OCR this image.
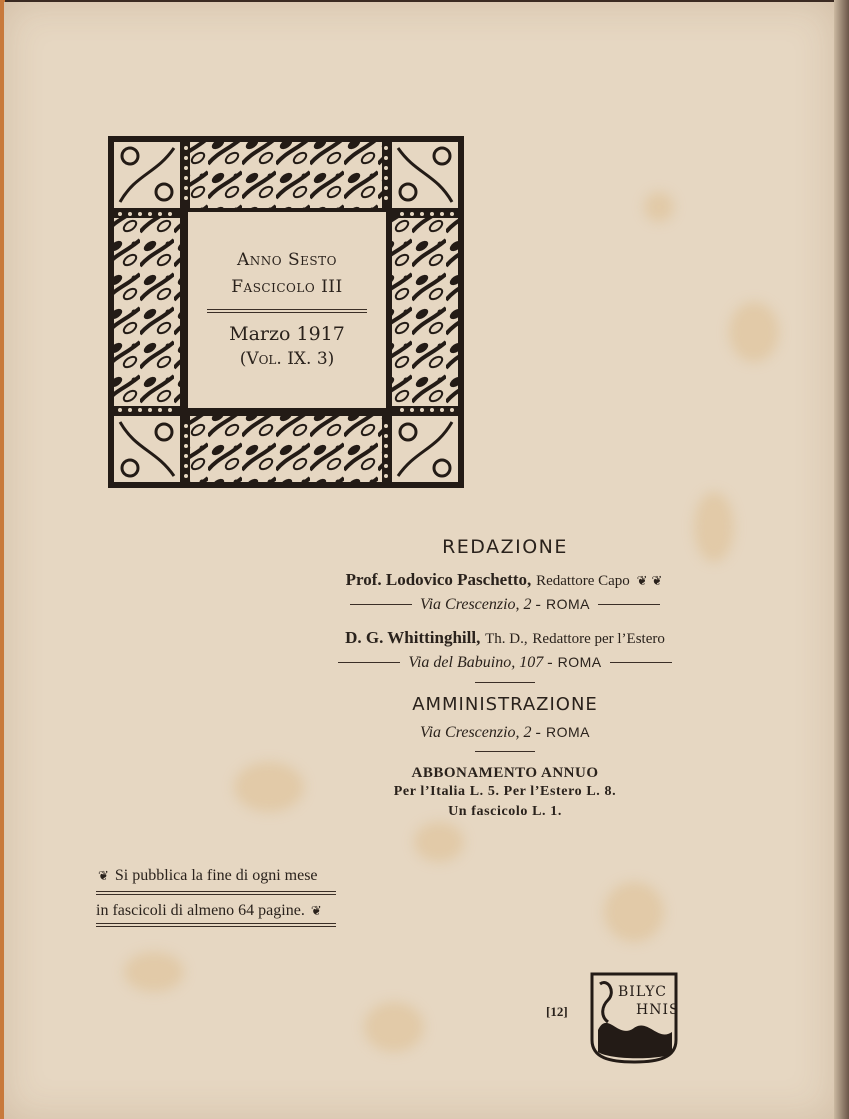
Anno Sesto
Fascicolo III
Marzo 1917
(Vol. IX. 3)
REDAZIONE
Prof. Lodovico Paschetto, Redattore Capo ❦ ❦
Via Crescenzio, 2 - ROMA
D. G. Whittinghill, Th. D., Redattore per l’Estero
Via del Babuino, 107 - ROMA
AMMINISTRAZIONE
Via Crescenzio, 2 - ROMA
ABBONAMENTO ANNUO
Per l’Italia L. 5. Per l’Estero L. 8.
Un fascicolo L. 1.
❦ Si pubblica la fine di ogni mese
in fascicoli di almeno 64 pagine. ❦
[12]
BILYC
HNIS
